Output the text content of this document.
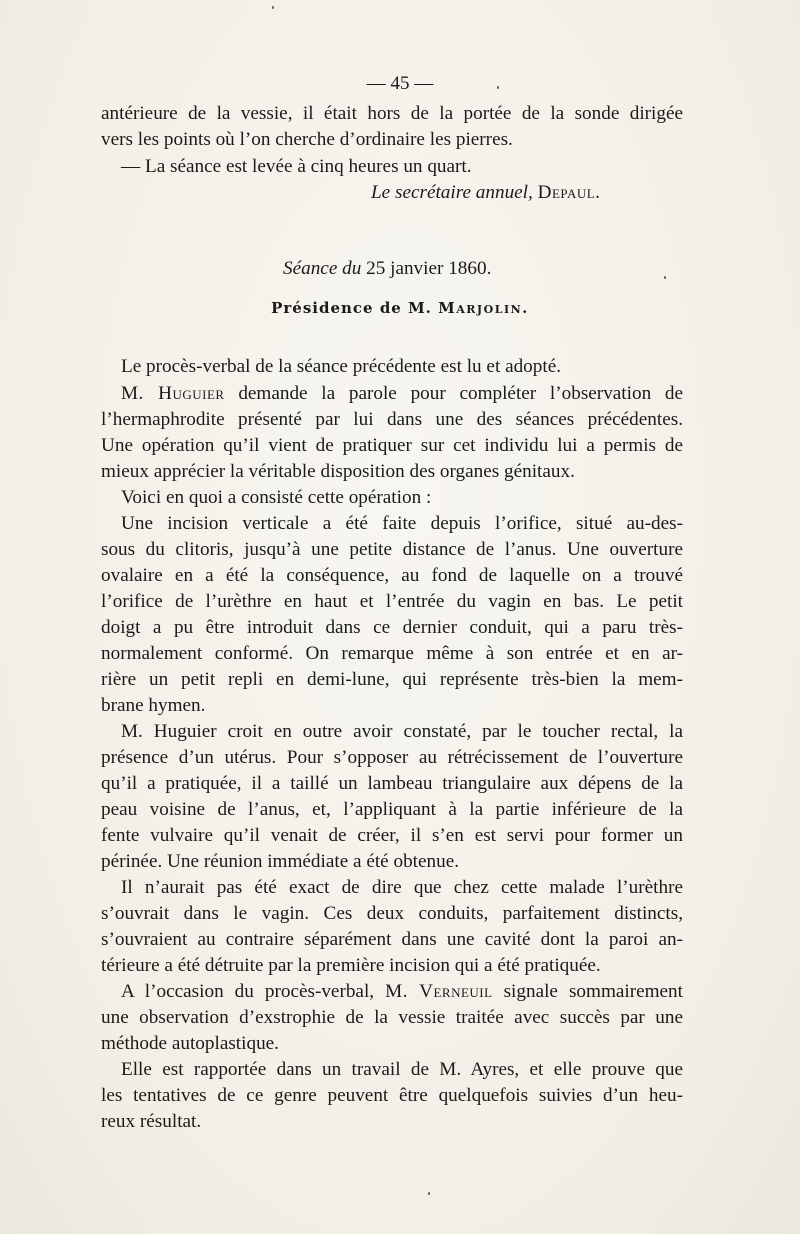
— 45 —
antérieure de la vessie, il était hors de la portée de la sonde dirigée
vers les points où l’on cherche d’ordinaire les pierres.
— La séance est levée à cinq heures un quart.
Le secrétaire annuel, Depaul.
Séance du 25 janvier 1860.
Présidence de M. Marjolin.
Le procès-verbal de la séance précédente est lu et adopté.
M. Huguier demande la parole pour compléter l’observation de
l’hermaphrodite présenté par lui dans une des séances précédentes.
Une opération qu’il vient de pratiquer sur cet individu lui a permis de
mieux apprécier la véritable disposition des organes génitaux.
Voici en quoi a consisté cette opération :
Une incision verticale a été faite depuis l’orifice, situé au-des-
sous du clitoris, jusqu’à une petite distance de l’anus. Une ouverture
ovalaire en a été la conséquence, au fond de laquelle on a trouvé
l’orifice de l’urèthre en haut et l’entrée du vagin en bas. Le petit
doigt a pu être introduit dans ce dernier conduit, qui a paru très-
normalement conformé. On remarque même à son entrée et en ar-
rière un petit repli en demi-lune, qui représente très-bien la mem-
brane hymen.
M. Huguier croit en outre avoir constaté, par le toucher rectal, la
présence d’un utérus. Pour s’opposer au rétrécissement de l’ouverture
qu’il a pratiquée, il a taillé un lambeau triangulaire aux dépens de la
peau voisine de l’anus, et, l’appliquant à la partie inférieure de la
fente vulvaire qu’il venait de créer, il s’en est servi pour former un
périnée. Une réunion immédiate a été obtenue.
Il n’aurait pas été exact de dire que chez cette malade l’urèthre
s’ouvrait dans le vagin. Ces deux conduits, parfaitement distincts,
s’ouvraient au contraire séparément dans une cavité dont la paroi an-
térieure a été détruite par la première incision qui a été pratiquée.
A l’occasion du procès-verbal, M. Verneuil signale sommairement
une observation d’exstrophie de la vessie traitée avec succès par une
méthode autoplastique.
Elle est rapportée dans un travail de M. Ayres, et elle prouve que
les tentatives de ce genre peuvent être quelquefois suivies d’un heu-
reux résultat.
